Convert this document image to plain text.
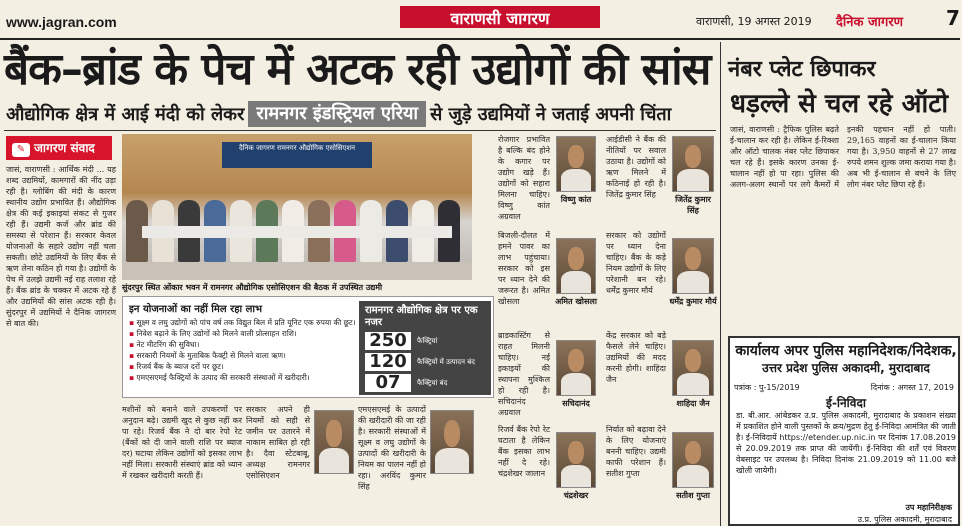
www.jagran.com	वाराणसी जागरण	वाराणसी, 19 अगस्त 2019 दैनिक जागरण 7
बैंक–ब्रांड के पेच में अटक रही उद्योगों की सांस
औद्योगिक क्षेत्र में आई मंदी को लेकर रामनगर इंडस्ट्रियल एरिया से जुड़े उद्यमियों ने जताई अपनी चिंता
✎ जागरण संवाद
जासं, वाराणसी : आर्थिक मंदी ... यह शब्द उद्यमियों, कामगारों की नींद उड़ा रही है। ग्लोबिंग की मंदी के कारण स्थानीय उद्योग प्रभावित हैं। औद्योगिक क्षेत्र की कई इकाइयां संकट से गुजर रही हैं। उद्यमी कर्ज और ब्रांड की समस्या से परेशान हैं। सरकार केवल योजनाओं के सहारे उद्योग नहीं चला सकती। छोटे उद्यमियों के लिए बैंक से ऋण लेना कठिन हो गया है। उद्योगों के पेच में उलझे उद्यमी नई राह तलाश रहे हैं। बैंक ब्रांड के चक्कर में अटक रहे हैं और उद्यमियों की सांस अटक रही है। सुंदरपुर में उद्यमियों ने दैनिक जागरण से बात की।
दैनिक जागरण रामनगर औद्योगिक एसोसिएशन
सुंदरपुर स्थित ओंकार भवन में रामनगर औद्योगिक एसोसिएशन की बैठक में उपस्थित उद्यमी
इन योजनाओं का नहीं मिल रहा लाभ
▪ सूक्ष्म व लघु उद्योगों को पांच वर्ष तक विद्युत बिल में प्रति यूनिट एक रुपया की छूट।
▪ निवेश बढ़ाने के लिए उद्योगों को मिलने वाली प्रोत्साहन राशि।
▪ नेट मीटरिंग की सुविधा।
▪ सरकारी नियमों के मुताबिक फैक्ट्री से मिलने वाला ऋण।
▪ रिजर्व बैंक के ब्याज दरों पर छूट।
▪ एमएसएमई फैक्ट्रियों के उत्पाद की सरकारी संस्थाओं में खरीदारी।
रामनगर औद्योगिक क्षेत्र पर एक नजर
250	फैक्ट्रियां
120	फैक्ट्रियों में उत्पादन बंद
07	फैक्ट्रियां बंद
मशीनों को बनाने वाले उपकरणों पर अनुदान बढ़े। उद्यमी खुद से कुछ नहीं कर पा रहे। रिजर्व बैंक ने दो बार रेपो रेट (बैंकों को दी जाने वाली राशि पर ब्याज दर) घटाया लेकिन उद्योगों को इसका लाभ नहीं मिला। सरकारी संस्थाएं ब्रांड को ध्यान में रखकर खरीदारी करती हैं।
सरकार अपने ही नियमों को सही से जमीन पर उतारने में नाकाम साबित हो रही है। दैवा स्टेटबाबू, अध्यक्ष रामनगर एसोसिएशन
एमएसएमई के उत्पादों की खरीदारी की जा रही है। सरकारी संस्थाओं में सूक्ष्म व लघु उद्योगों के उत्पादों की खरीदारी के नियम का पालन नहीं हो रहा। अरविंद कुमार सिंह
रोजगार प्रभावित है बल्कि बंद होने के कगार पर उद्योग खड़े हैं। उद्योगों को सहारा मिलना चाहिए। विष्णु कांत अग्रवाल
बिजली-दौलत में हमने पावर का लाभ पहुंचाया। सरकार को इस पर ध्यान देने की जरूरत है। अमित खोसला
ब्राडकास्टिंग से राहत मिलनी चाहिए। नई इकाइयों की स्थापना मुश्किल हो रही है। सचिदानंद अग्रवाल
रिजर्व बैंक रेपो रेट घटाता है लेकिन बैंक इसका लाभ नहीं दे रहे। चंद्रशेखर जालान
विष्णु कांत
अमित खोसला
सचिदानंद
चंद्रशेखर
आईडीसी ने बैंक की नीतियों पर सवाल उठाया है। उद्योगों को ऋण मिलने में कठिनाई हो रही है। जितेंद्र कुमार सिंह
सरकार को उद्योगों पर ध्यान देना चाहिए। बैंक के कड़े नियम उद्योगों के लिए परेशानी बन रहे। धर्मेंद्र कुमार मौर्य
केंद्र सरकार को बड़े फैसले लेने चाहिए। उद्यमियों की मदद करनी होगी। शाहिदा जैन
निर्यात को बढ़ावा देने के लिए योजनाएं बननी चाहिए। उद्यमी काफी परेशान हैं। सतीश गुप्ता
जितेंद्र कुमार सिंह
धर्मेंद्र कुमार मौर्य
शाहिदा जैन
सतीश गुप्ता
नंबर प्लेट छिपाकर
धड़ल्ले से चल रहे ऑटो
जासं, वाराणसी : ट्रैफिक पुलिस बढ़ते ई-चालान कर रही है। लेकिन ई-रिक्शा और ऑटो चालक नंबर प्लेट छिपाकर चल रहे हैं। इसके कारण उनका ई-चालान नहीं हो पा रहा। पुलिस की अलग-अलग स्थानों पर लगे कैमरों में इनकी पहचान नहीं हो पाती। 29,165 वाहनों का ई-चालान किया गया है। 3,950 वाहनों से 27 लाख रुपये शमन शुल्क जमा कराया गया है। अब भी ई-चालान से बचने के लिए लोग नंबर प्लेट छिपा रहे हैं।
कार्यालय अपर पुलिस महानिदेशक/निदेशक,
उत्तर प्रदेश पुलिस अकादमी, मुरादाबाद
पत्रांक : पु-15/2019	दिनांक : अगस्त 17, 2019
ई-निविदा
डा. बी.आर. आंबेडकर उ.प्र. पुलिस अकादमी, मुरादाबाद के प्रकाशन संख्या में प्रकाशित होने वाली पुस्तकों के क्रय/मुद्रण हेतु ई-निविदा आमंत्रित की जाती है। ई-निविदायें https://etender.up.nic.in पर दिनांक 17.08.2019 से 20.09.2019 तक प्राप्त की जायेंगी। ई-निविदा की शर्तें एवं विवरण वेबसाइट पर उपलब्ध है। निविदा दिनांक 21.09.2019 को 11.00 बजे खोली जायेगी।
उप महानिरीक्षक
उ.प्र. पुलिस अकादमी, मुरादाबाद
